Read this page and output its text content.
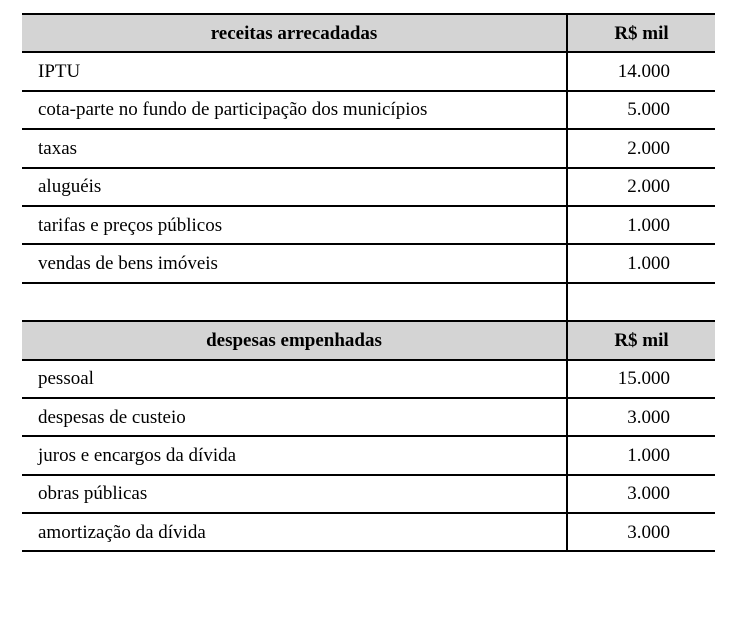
receitas arrecadadas	R$ mil
IPTU	14.000
cota-parte no fundo de participação dos municípios	5.000
taxas	2.000
aluguéis	2.000
tarifas e preços públicos	1.000
vendas de bens imóveis	1.000

despesas empenhadas	R$ mil
pessoal	15.000
despesas de custeio	3.000
juros e encargos da dívida	1.000
obras públicas	3.000
amortização da dívida	3.000
